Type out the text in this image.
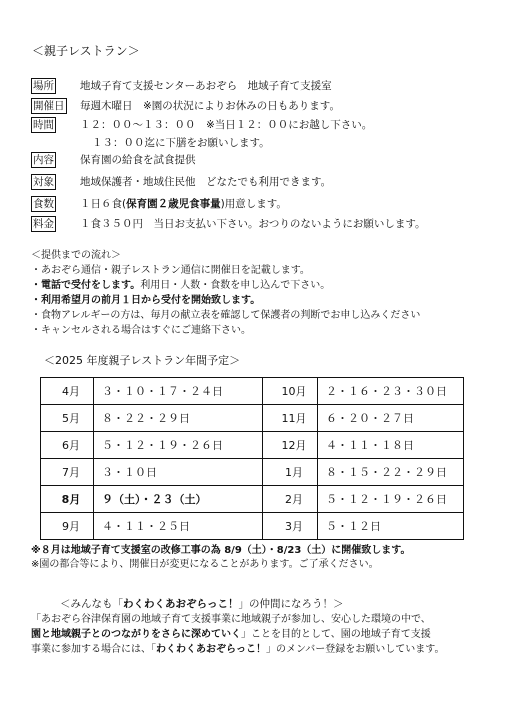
＜親子レストラン＞
場所 地域子育て支援センターあおぞら　地域子育て支援室
開催日 毎週木曜日　※園の状況によりお休みの日もあります。
時間 １２：００〜１３：００　※当日１２：００にお越し下さい。
１３：００迄に下膳をお願いします。
内容 保育園の給食を試食提供
対象 地域保護者・地域住民他　どなたでも利用できます。
食数 １日６食(保育園２歳児食事量)用意します。
料金 １食３５０円　当日お支払い下さい。おつりのないようにお願いします。
＜提供までの流れ＞
・あおぞら通信・親子レストラン通信に開催日を記載します。
・電話で受付をします。利用日・人数・食数を申し込んで下さい。
・利用希望月の前月１日から受付を開始致します。
・食物アレルギーの方は、毎月の献立表を確認して保護者の判断でお申し込みください
・キャンセルされる場合はすぐにご連絡下さい。
＜2025 年度親子レストラン年間予定＞
4月	３・１０・１７・２４日	10月	２・１６・２３・３０日
5月	８・２２・２９日	11月	６・２０・２７日
6月	５・１２・１９・２６日	12月	４・１１・１８日
7月	３・１０日	1月	８・１５・２２・２９日
8月	９（土）・２３（土）	2月	５・１２・１９・２６日
9月	４・１１・２５日	3月	５・１２日
※８月は地域子育て支援室の改修工事の為 8/9（土）・8/23（土）に開催致します。
※園の都合等により、開催日が変更になることがあります。ご了承ください。
＜みんなも「わくわくあおぞらっこ！」の仲間になろう！＞
「あおぞら谷津保育園の地域子育て支援事業に地域親子が参加し、安心した環境の中で、
園と地域親子とのつながりをさらに深めていく」ことを目的として、園の地域子育て支援
事業に参加する場合には、「わくわくあおぞらっこ！」のメンバー登録をお願いしています。
